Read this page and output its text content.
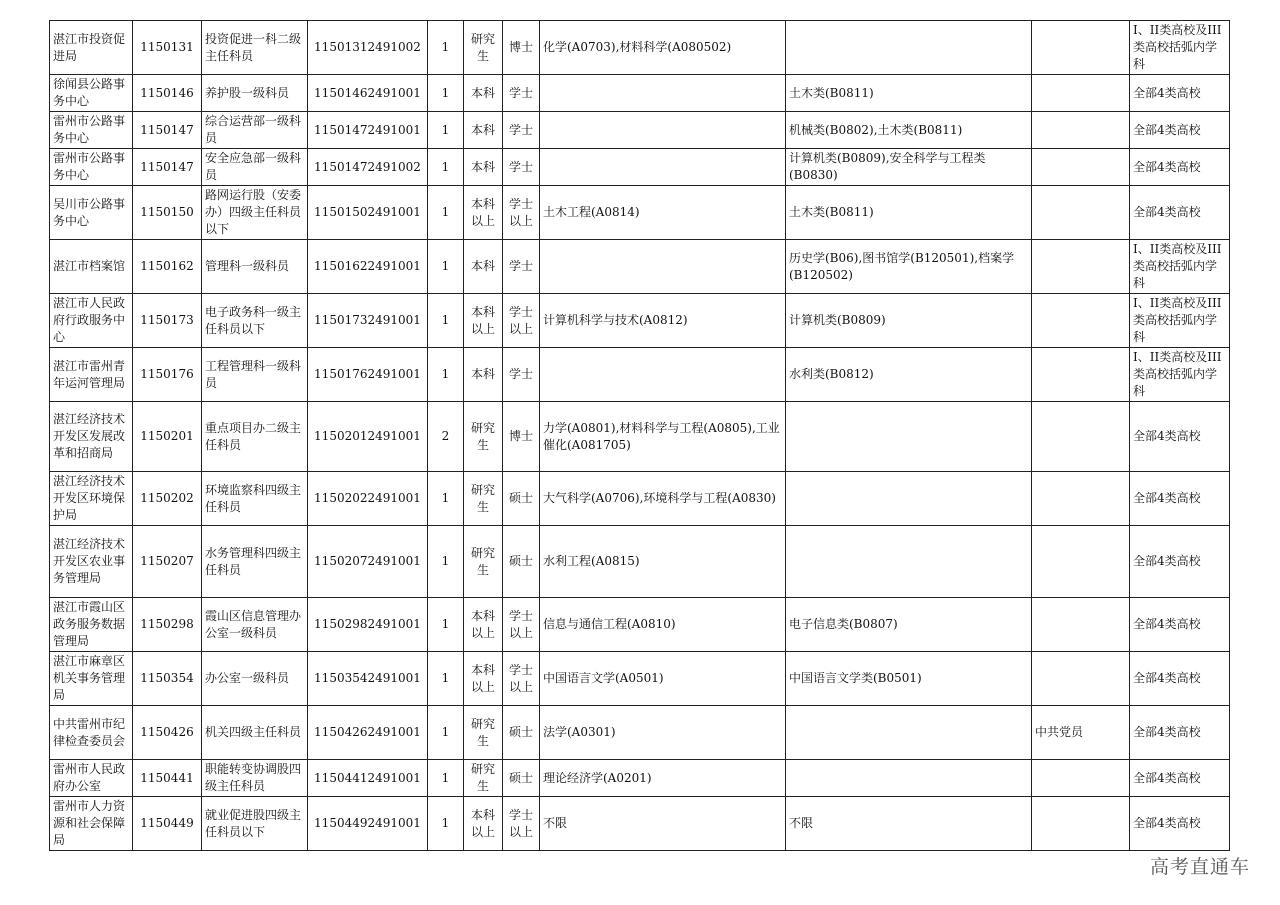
湛江市投资促进局	1150131	投资促进一科二级主任科员	11501312491002	1	研究生	博士	化学(A0703),材料科学(A080502)			I、II类高校及III类高校括弧内学科
徐闻县公路事务中心	1150146	养护股一级科员	11501462491001	1	本科	学士		土木类(B0811)		全部4类高校
雷州市公路事务中心	1150147	综合运营部一级科员	11501472491001	1	本科	学士		机械类(B0802),土木类(B0811)		全部4类高校
雷州市公路事务中心	1150147	安全应急部一级科员	11501472491002	1	本科	学士		计算机类(B0809),安全科学与工程类(B0830)		全部4类高校
吴川市公路事务中心	1150150	路网运行股（安委办）四级主任科员以下	11501502491001	1	本科以上	学士以上	土木工程(A0814)	土木类(B0811)		全部4类高校
湛江市档案馆	1150162	管理科一级科员	11501622491001	1	本科	学士		历史学(B06),图书馆学(B120501),档案学(B120502)		I、II类高校及III类高校括弧内学科
湛江市人民政府行政服务中心	1150173	电子政务科一级主任科员以下	11501732491001	1	本科以上	学士以上	计算机科学与技术(A0812)	计算机类(B0809)		I、II类高校及III类高校括弧内学科
湛江市雷州青年运河管理局	1150176	工程管理科一级科员	11501762491001	1	本科	学士		水利类(B0812)		I、II类高校及III类高校括弧内学科
湛江经济技术开发区发展改革和招商局	1150201	重点项目办二级主任科员	11502012491001	2	研究生	博士	力学(A0801),材料科学与工程(A0805),工业催化(A081705)			全部4类高校
湛江经济技术开发区环境保护局	1150202	环境监察科四级主任科员	11502022491001	1	研究生	硕士	大气科学(A0706),环境科学与工程(A0830)			全部4类高校
湛江经济技术开发区农业事务管理局	1150207	水务管理科四级主任科员	11502072491001	1	研究生	硕士	水利工程(A0815)			全部4类高校
湛江市霞山区政务服务数据管理局	1150298	霞山区信息管理办公室一级科员	11502982491001	1	本科以上	学士以上	信息与通信工程(A0810)	电子信息类(B0807)		全部4类高校
湛江市麻章区机关事务管理局	1150354	办公室一级科员	11503542491001	1	本科以上	学士以上	中国语言文学(A0501)	中国语言文学类(B0501)		全部4类高校
中共雷州市纪律检查委员会	1150426	机关四级主任科员	11504262491001	1	研究生	硕士	法学(A0301)		中共党员	全部4类高校
雷州市人民政府办公室	1150441	职能转变协调股四级主任科员	11504412491001	1	研究生	硕士	理论经济学(A0201)			全部4类高校
雷州市人力资源和社会保障局	1150449	就业促进股四级主任科员以下	11504492491001	1	本科以上	学士以上	不限	不限		全部4类高校
高考直通车
